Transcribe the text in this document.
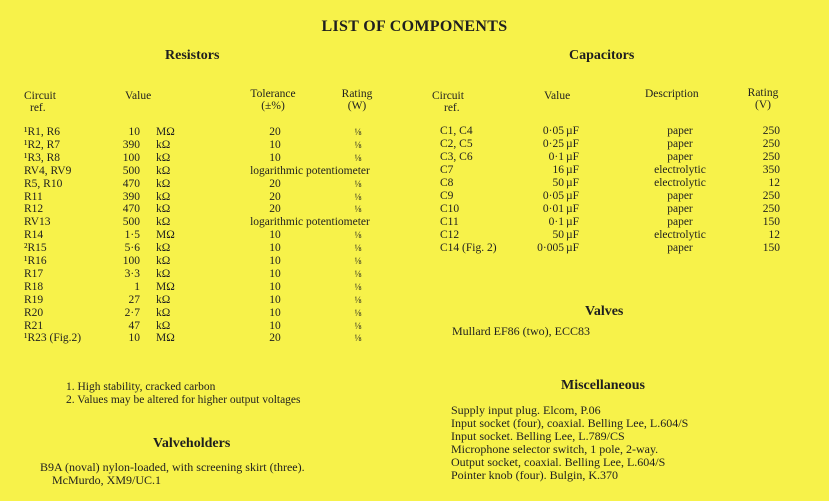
LIST OF COMPONENTS
Resistors
Circuit
ref.
Value	Tolerance
(±%)
Rating
(W)
¹R1, R6	10 MΩ	20	⅛
¹R2, R7	390 kΩ	10	⅛
¹R3, R8	100 kΩ	10	⅛
RV4, RV9	500 kΩ	logarithmic potentiometer
R5, R10	470 kΩ	20	⅛
R11	390 kΩ	20	⅛
R12	470 kΩ	20	⅛
RV13	500 kΩ	logarithmic potentiometer
R14	1·5 MΩ	10	⅛
²R15	5·6 kΩ	10	⅛
¹R16	100 kΩ	10	⅛
R17	3·3 kΩ	10	⅛
R18	1 MΩ	10	⅛
R19	27 kΩ	10	⅛
R20	2·7 kΩ	10	⅛
R21	47 kΩ	10	⅛
¹R23 (Fig.2)	10 MΩ	20	⅛
1. High stability, cracked carbon
2. Values may be altered for higher output voltages
Valveholders
B9A (noval) nylon-loaded, with screening skirt (three).
McMurdo, XM9/UC.1
Capacitors
Circuit
ref.
Value	Description	Rating
(V)
C1, C4	0·05 µF	paper	250
C2, C5	0·25 µF	paper	250
C3, C6	0·1 µF	paper	250
C7	16 µF	electrolytic	350
C8	50 µF	electrolytic	12
C9	0·05 µF	paper	250
C10	0·01 µF	paper	250
C11	0·1 µF	paper	150
C12	50 µF	electrolytic	12
C14 (Fig. 2)	0·005 µF	paper	150
Valves
Mullard EF86 (two), ECC83
Miscellaneous
Supply input plug. Elcom, P.06
Input socket (four), coaxial. Belling Lee, L.604/S
Input socket. Belling Lee, L.789/CS
Microphone selector switch, 1 pole, 2-way.
Output socket, coaxial. Belling Lee, L.604/S
Pointer knob (four). Bulgin, K.370
